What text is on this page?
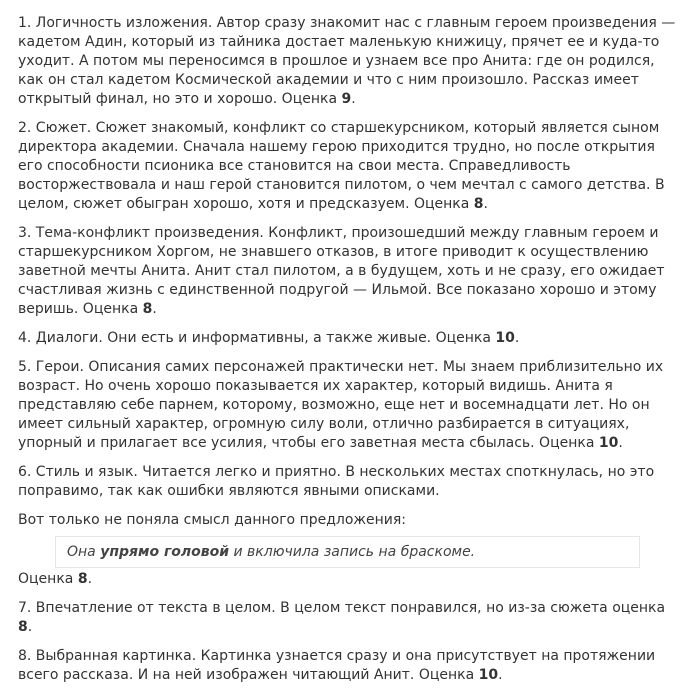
1. Логичность изложения. Автор сразу знакомит нас с главным героем произведения — кадетом Адин, который из тайника достает маленькую книжицу, прячет ее и куда-то уходит. А потом мы переносимся в прошлое и узнаем все про Анита: где он родился, как он стал кадетом Космической академии и что с ним произошло. Рассказ имеет открытый финал, но это и хорошо. Оценка 9.

2. Сюжет. Сюжет знакомый, конфликт со старшекурсником, который является сыном директора академии. Сначала нашему герою приходится трудно, но после открытия его способности псионика все становится на свои места. Справедливость восторжествовала и наш герой становится пилотом, о чем мечтал с самого детства. В целом, сюжет обыгран хорошо, хотя и предсказуем. Оценка 8.

3. Тема-конфликт произведения. Конфликт, произошедший между главным героем и старшекурсником Хоргом, не знавшего отказов, в итоге приводит к осуществлению заветной мечты Анита. Анит стал пилотом, а в будущем, хоть и не сразу, его ожидает счастливая жизнь с единственной подругой — Ильмой. Все показано хорошо и этому веришь. Оценка 8.

4. Диалоги. Они есть и информативны, а также живые. Оценка 10.

5. Герои. Описания самих персонажей практически нет. Мы знаем приблизительно их возраст. Но очень хорошо показывается их характер, который видишь. Анита я представляю себе парнем, которому, возможно, еще нет и восемнадцати лет. Но он имеет сильный характер, огромную силу воли, отлично разбирается в ситуациях, упорный и прилагает все усилия, чтобы его заветная места сбылась. Оценка 10.

6. Стиль и язык. Читается легко и приятно. В нескольких местах споткнулась, но это поправимо, так как ошибки являются явными описками.

Вот только не поняла смысл данного предложения:

Она упрямо головой и включила запись на браскоме.

Оценка 8.

7. Впечатление от текста в целом. В целом текст понравился, но из-за сюжета оценка 8.

8. Выбранная картинка. Картинка узнается сразу и она присутствует на протяжении всего рассказа. И на ней изображен читающий Анит. Оценка 10.
